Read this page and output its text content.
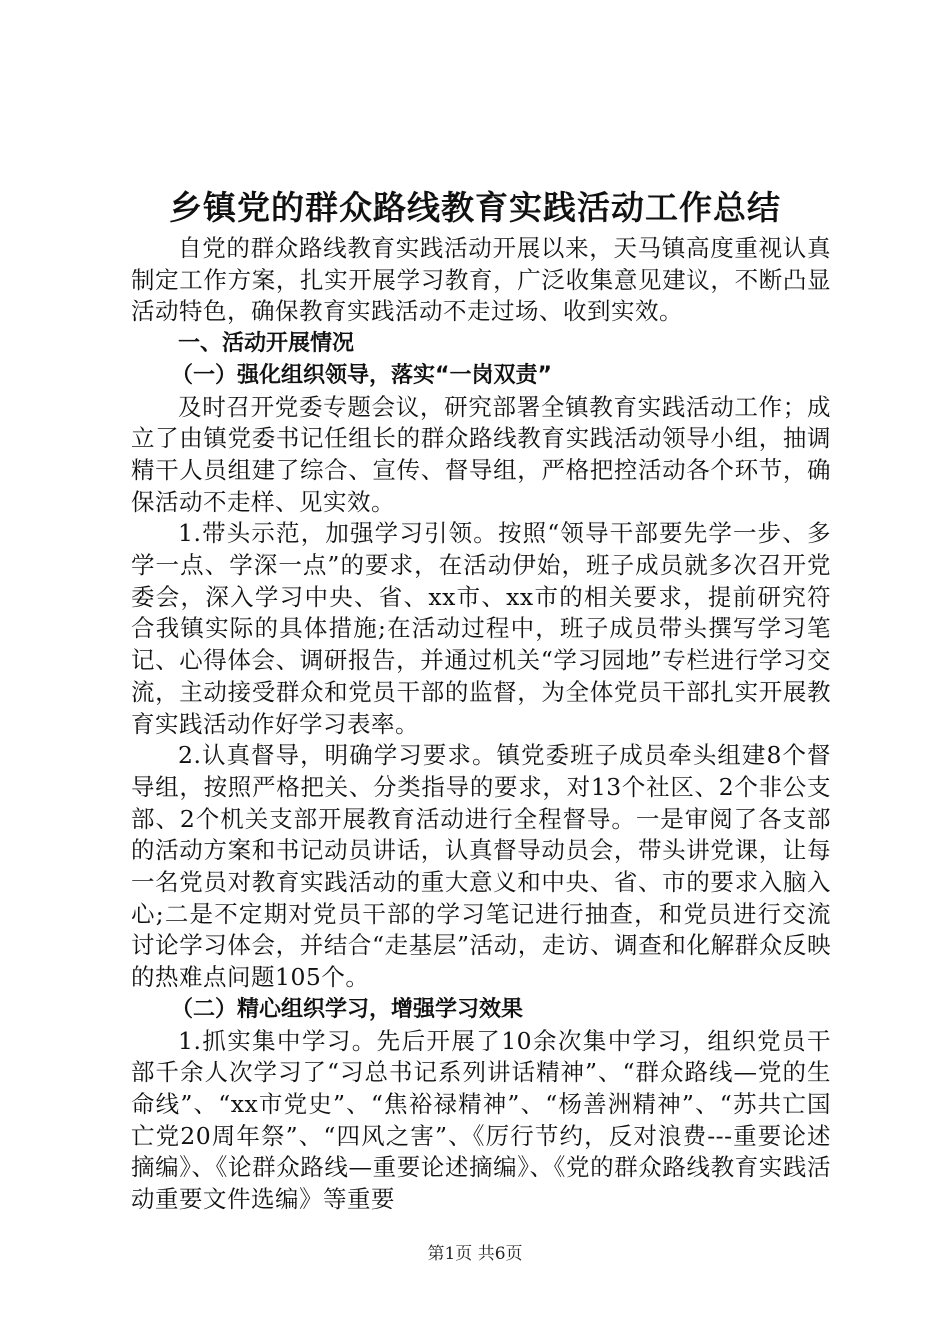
乡镇党的群众路线教育实践活动工作总结

自党的群众路线教育实践活动开展以来，天马镇高度重视认真制定工作方案，扎实开展学习教育，广泛收集意见建议，不断凸显活动特色，确保教育实践活动不走过场、收到实效。

一、活动开展情况

（一）强化组织领导，落实“一岗双责”

及时召开党委专题会议，研究部署全镇教育实践活动工作；成立了由镇党委书记任组长的群众路线教育实践活动领导小组，抽调精干人员组建了综合、宣传、督导组，严格把控活动各个环节，确保活动不走样、见实效。

1.带头示范，加强学习引领。按照“领导干部要先学一步、多学一点、学深一点”的要求，在活动伊始，班子成员就多次召开党委会，深入学习中央、省、xx市、xx市的相关要求，提前研究符合我镇实际的具体措施;在活动过程中，班子成员带头撰写学习笔记、心得体会、调研报告，并通过机关“学习园地”专栏进行学习交流，主动接受群众和党员干部的监督，为全体党员干部扎实开展教育实践活动作好学习表率。

2.认真督导，明确学习要求。镇党委班子成员牵头组建8个督导组，按照严格把关、分类指导的要求，对13个社区、2个非公支部、2个机关支部开展教育活动进行全程督导。一是审阅了各支部的活动方案和书记动员讲话，认真督导动员会，带头讲党课，让每一名党员对教育实践活动的重大意义和中央、省、市的要求入脑入心;二是不定期对党员干部的学习笔记进行抽查，和党员进行交流讨论学习体会，并结合“走基层”活动，走访、调查和化解群众反映的热难点问题105个。

（二）精心组织学习，增强学习效果

1.抓实集中学习。先后开展了10余次集中学习，组织党员干部千余人次学习了“习总书记系列讲话精神”、“群众路线—党的生命线”、“xx市党史”、“焦裕禄精神”、“杨善洲精神”、“苏共亡国亡党20周年祭”、“四风之害”、《厉行节约，反对浪费---重要论述摘编》、《论群众路线—重要论述摘编》、《党的群众路线教育实践活动重要文件选编》等重要

第1页 共6页
